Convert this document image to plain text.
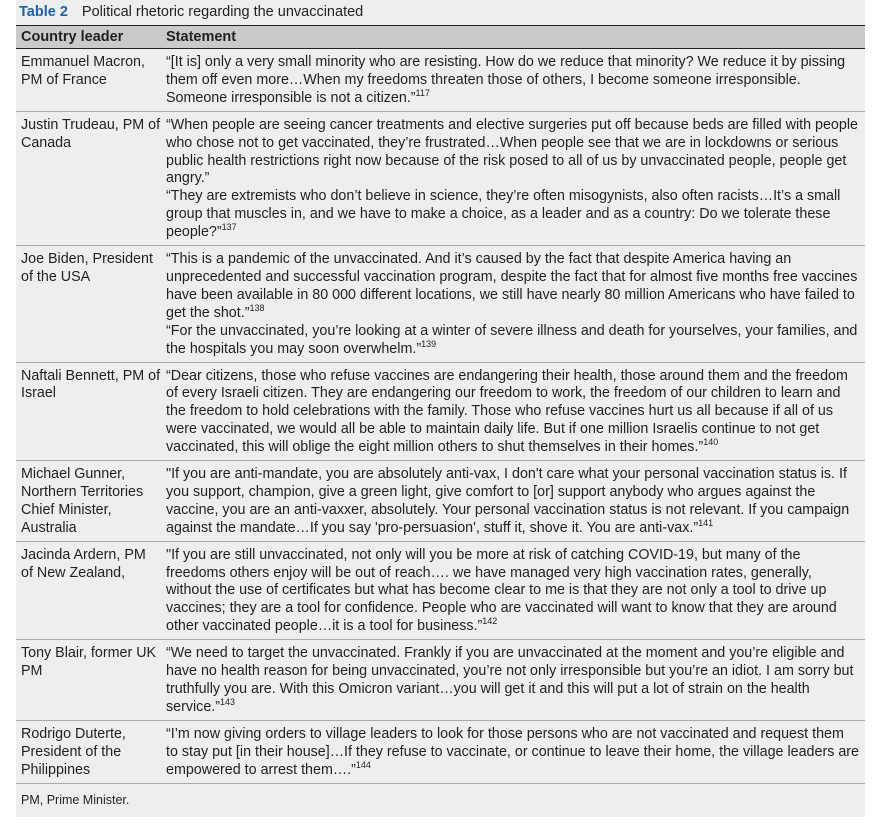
Table 2 Political rhetoric regarding the unvaccinated
Country leader	Statement
Emmanuel Macron, PM of France

“[It is] only a very small minority who are resisting. How do we reduce that minority? We reduce it by pissing them off even more…When my freedoms threaten those of others, I become someone irresponsible. Someone irresponsible is not a citizen.”$^{117}$

Justin Trudeau, PM of Canada

“When people are seeing cancer treatments and elective surgeries put off because beds are filled with people who chose not to get vaccinated, they’re frustrated…When people see that we are in lockdowns or serious public health restrictions right now because of the risk posed to all of us by unvaccinated people, people get angry.”

“They are extremists who don’t believe in science, they’re often misogynists, also often racists…It’s a small group that muscles in, and we have to make a choice, as a leader and as a country: Do we tolerate these people?”$^{137}$

Joe Biden, President of the USA

“This is a pandemic of the unvaccinated. And it’s caused by the fact that despite America having an unprecedented and successful vaccination program, despite the fact that for almost five months free vaccines have been available in 80 000 different locations, we still have nearly 80 million Americans who have failed to get the shot.”$^{138}$

“For the unvaccinated, you’re looking at a winter of severe illness and death for yourselves, your families, and the hospitals you may soon overwhelm.”$^{139}$

Naftali Bennett, PM of Israel

“Dear citizens, those who refuse vaccines are endangering their health, those around them and the freedom of every Israeli citizen. They are endangering our freedom to work, the freedom of our children to learn and the freedom to hold celebrations with the family. Those who refuse vaccines hurt us all because if all of us were vaccinated, we would all be able to maintain daily life. But if one million Israelis continue to not get vaccinated, this will oblige the eight million others to shut themselves in their homes.”$^{140}$

Michael Gunner, Northern Territories Chief Minister, Australia

"If you are anti-mandate, you are absolutely anti-vax, I don't care what your personal vaccination status is. If you support, champion, give a green light, give comfort to [or] support anybody who argues against the vaccine, you are an anti-vaxxer, absolutely. Your personal vaccination status is not relevant. If you campaign against the mandate…If you say 'pro-persuasion', stuff it, shove it. You are anti-vax.”$^{141}$

Jacinda Ardern, PM of New Zealand,

"If you are still unvaccinated, not only will you be more at risk of catching COVID-19, but many of the freedoms others enjoy will be out of reach…. we have managed very high vaccination rates, generally, without the use of certificates but what has become clear to me is that they are not only a tool to drive up vaccines; they are a tool for confidence. People who are vaccinated will want to know that they are around other vaccinated people…it is a tool for business.”$^{142}$

Tony Blair, former UK PM

“We need to target the unvaccinated. Frankly if you are unvaccinated at the moment and you’re eligible and have no health reason for being unvaccinated, you’re not only irresponsible but you’re an idiot. I am sorry but truthfully you are. With this Omicron variant…you will get it and this will put a lot of strain on the health service.”$^{143}$

Rodrigo Duterte, President of the Philippines

“I’m now giving orders to village leaders to look for those persons who are not vaccinated and request them to stay put [in their house]…If they refuse to vaccinate, or continue to leave their home, the village leaders are empowered to arrest them….”$^{144}$

PM, Prime Minister.
